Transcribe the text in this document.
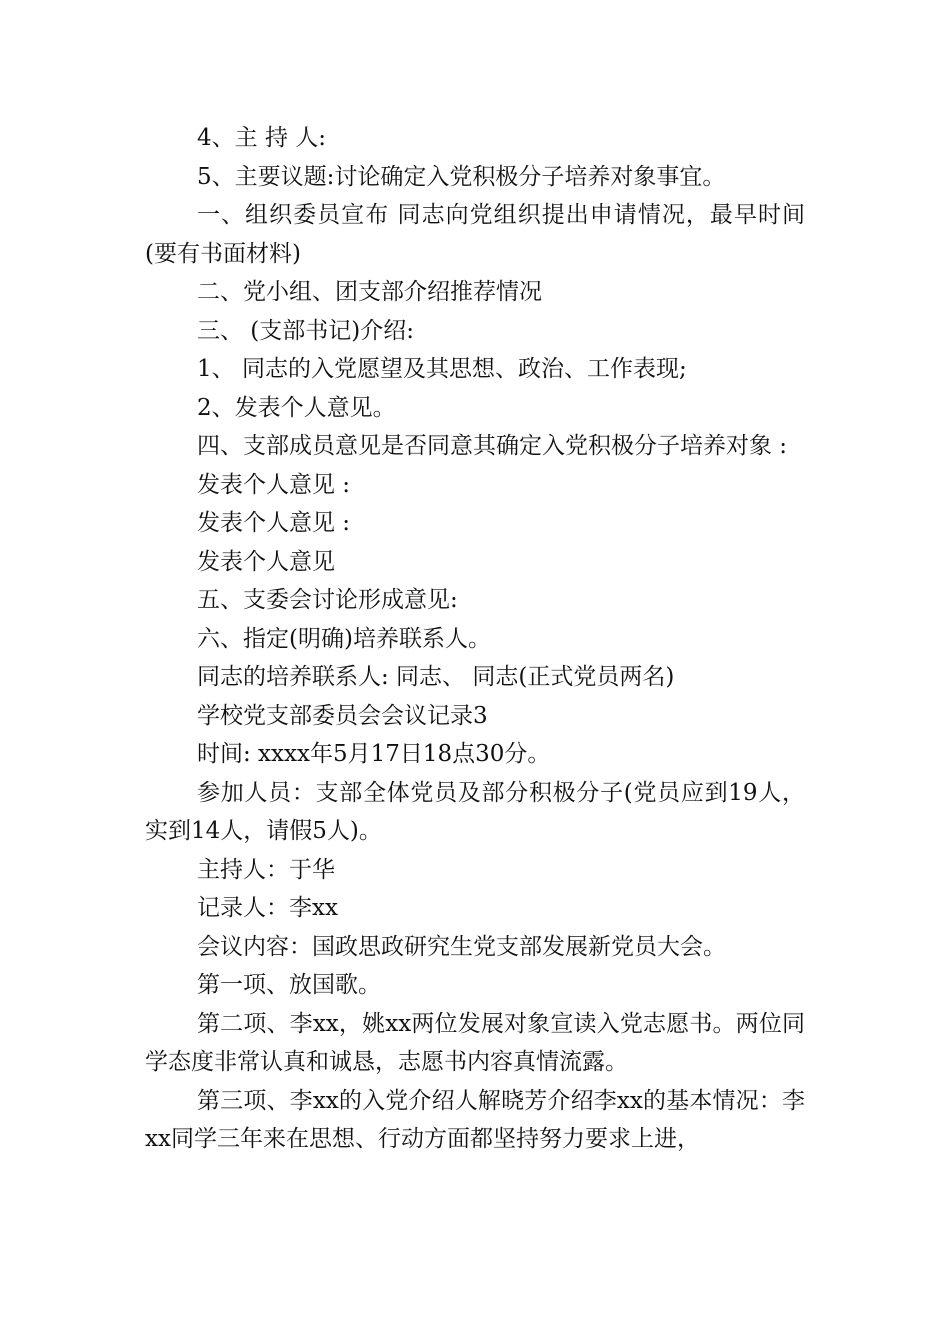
4、主 持 人:

5、主要议题:讨论确定入党积极分子培养对象事宜。

一、组织委员宣布 同志向党组织提出申请情况，最早时间(要有书面材料)

二、党小组、团支部介绍推荐情况

三、 (支部书记)介绍:

1、 同志的入党愿望及其思想、政治、工作表现;

2、发表个人意见。

四、支部成员意见是否同意其确定入党积极分子培养对象 :

发表个人意见 :

发表个人意见 :

发表个人意见

五、支委会讨论形成意见:

六、指定(明确)培养联系人。

同志的培养联系人: 同志、 同志(正式党员两名)

学校党支部委员会会议记录3

时间: xxxx年5月17日18点30分。

参加人员：支部全体党员及部分积极分子(党员应到19人，实到14人，请假5人)。

主持人：于华

记录人：李xx

会议内容：国政思政研究生党支部发展新党员大会。

第一项、放国歌。

第二项、李xx，姚xx两位发展对象宣读入党志愿书。两位同学态度非常认真和诚恳，志愿书内容真情流露。

第三项、李xx的入党介绍人解晓芳介绍李xx的基本情况：李xx同学三年来在思想、行动方面都坚持努力要求上进，
